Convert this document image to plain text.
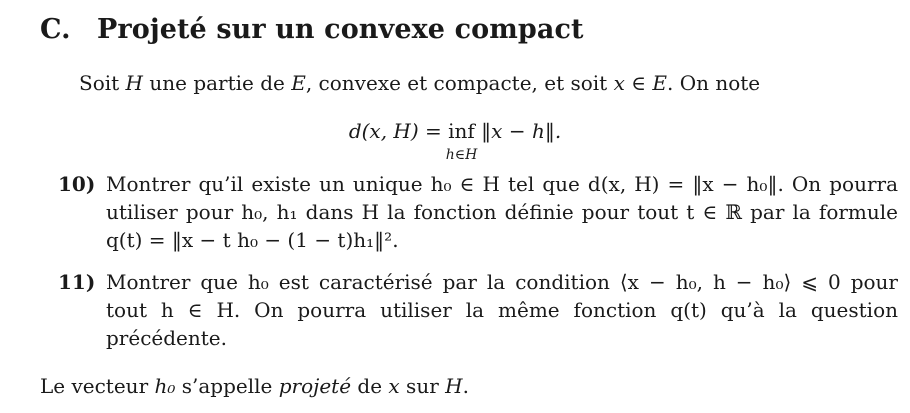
C. Projeté sur un convexe compact
Soit H une partie de E, convexe et compacte, et soit x ∈ E. On note
d(x, H) = inf
h∈H
‖x − h‖.
10) Montrer qu’il existe un unique h₀ ∈ H tel que d(x, H) = ‖x − h₀‖. On pourra
utiliser pour h₀, h₁ dans H la fonction définie pour tout t ∈ ℝ par la formule
q(t) = ‖x − t h₀ − (1 − t)h₁‖².
11) Montrer que h₀ est caractérisé par la condition ⟨x − h₀, h − h₀⟩ ⩽ 0 pour
tout h ∈ H. On pourra utiliser la même fonction q(t) qu’à la question
précédente.
Le vecteur h₀ s’appelle projeté de x sur H.
